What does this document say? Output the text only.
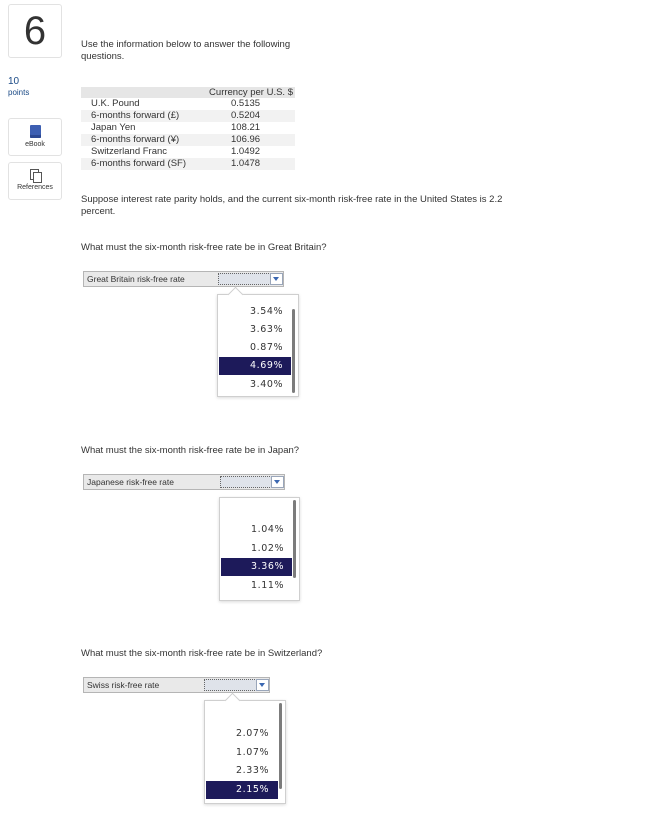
6
10
points
eBook
References
Use the information below to answer the following questions.
Currency per U.S. $
U.K. Pound	0.5135
6-months forward (£)	0.5204
Japan Yen	108.21
6-months forward (¥)	106.96
Switzerland Franc	1.0492
6-months forward (SF)	1.0478
Suppose interest rate parity holds, and the current six-month risk-free rate in the United States is 2.2 percent.
What must the six-month risk-free rate be in Great Britain?
Great Britain risk-free rate
3.54%
3.63%
0.87%
4.69%
3.40%
What must the six-month risk-free rate be in Japan?
Japanese risk-free rate
1.04%
1.02%
3.36%
1.11%
What must the six-month risk-free rate be in Switzerland?
Swiss risk-free rate
2.07%
1.07%
2.33%
2.15%
